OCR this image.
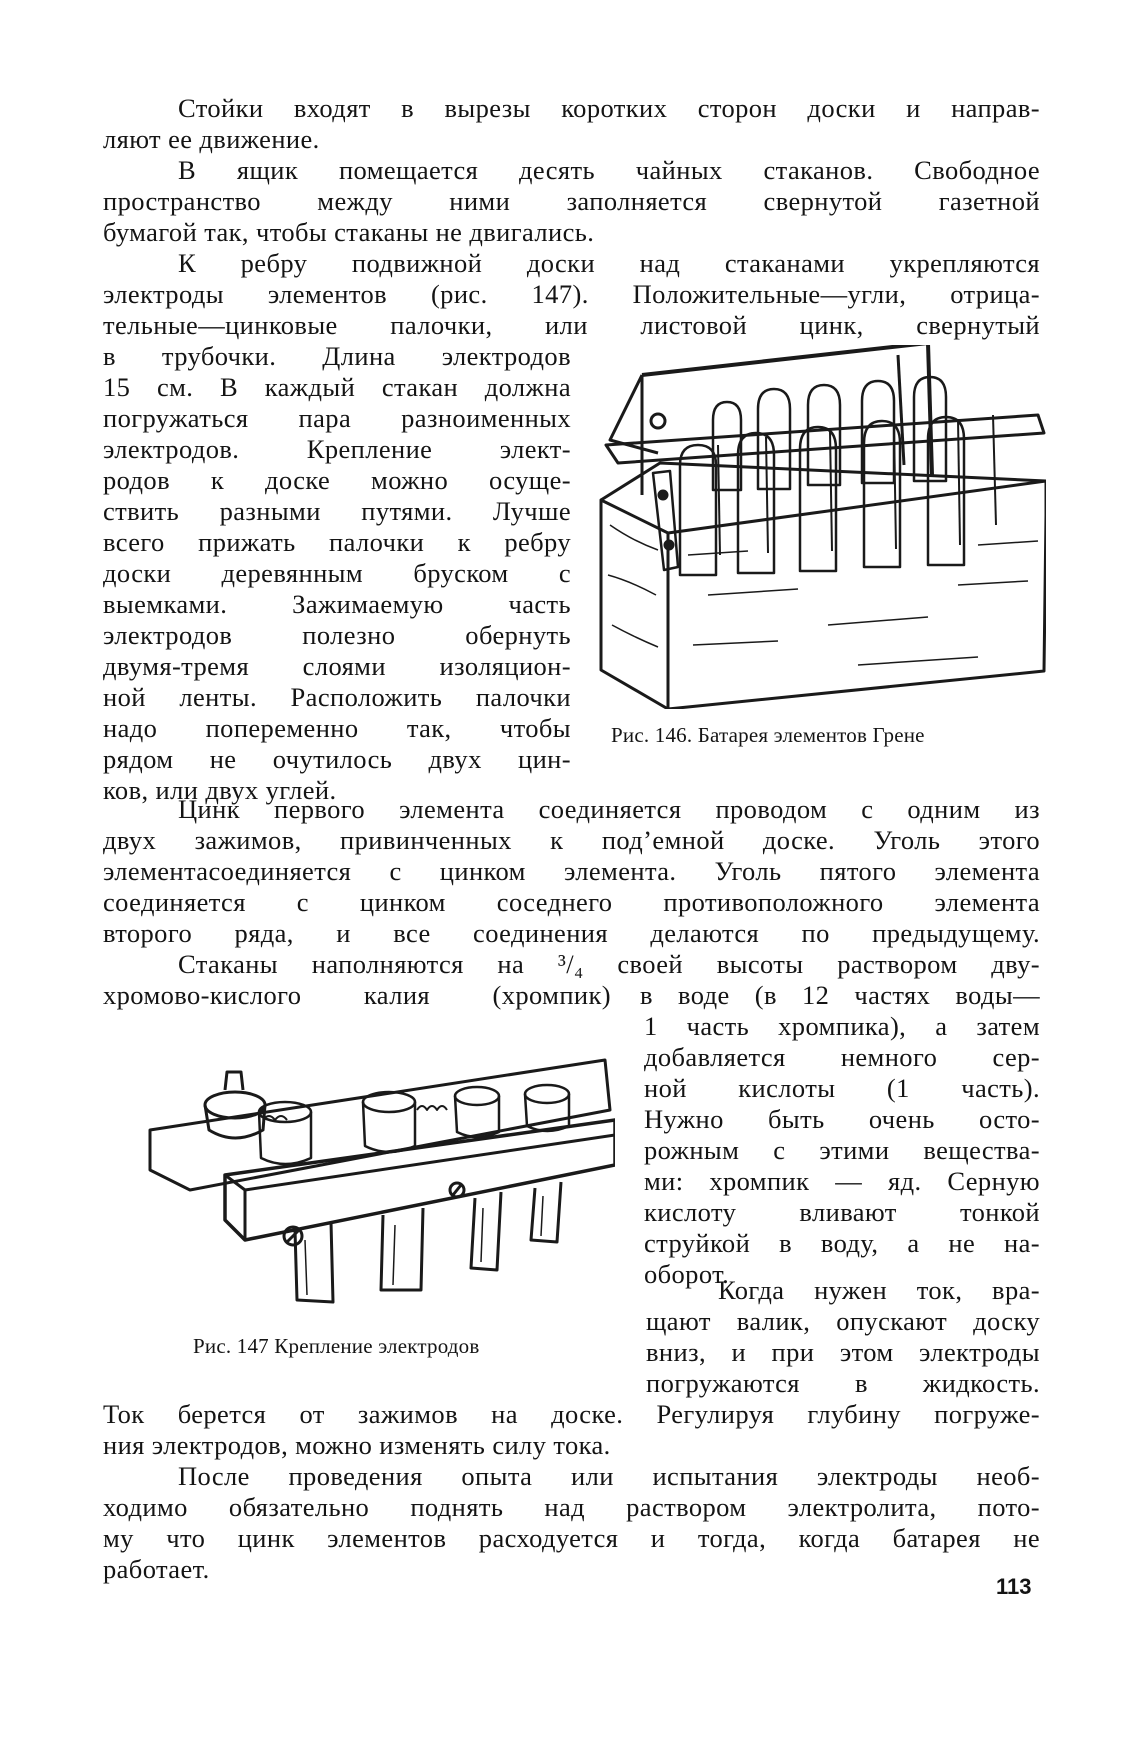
Стойки входят в вырезы коротких сторон доски и направ-
ляют ее движение.
В ящик помещается десять чайных стаканов. Свободное
пространство между ними заполняется свернутой газетной
бумагой так, чтобы стаканы не двигались.
К ребру подвижной доски над стаканами укрепляются
электроды элементов (рис. 147). Положительные—угли, отрица-
тельные—цинковые палочки, или листовой цинк, свернутый
в трубочки. Длина электродов
15 см. В каждый стакан должна
погружаться пара разноименных
электродов. Крепление элект-
родов к доске можно осуще-
ствить разными путями. Лучше
всего прижать палочки к ребру
доски деревянным бруском с
выемками. Зажимаемую часть
электродов полезно обернуть
двумя-тремя слоями изоляцион-
ной ленты. Расположить палочки
надо попеременно так, чтобы
рядом не очутилось двух цин-
ков, или двух углей.
Рис. 146. Батарея элементов Грене
Цинк первого элемента соединяется проводом с одним из
двух зажимов, привинченных к под’емной доске. Уголь этого
элементасоединяется с цинком элемента. Уголь пятого элемента
соединяется с цинком соседнего противоположного элемента
второго ряда, и все соединения делаются по предыдущему.
Стаканы наполняются на ³/₄ своей высоты раствором дву-
хромово-кислого калия (хромпик) в воде (в 12 частях воды—
1 часть хромпика), а затем
добавляется немного сер-
ной кислоты (1 часть).
Нужно быть очень осто-
рожным с этими вещества-
ми: хромпик — яд. Серную
кислоту вливают тонкой
струйкой в воду, а не на-
оборот.
Рис. 147 Крепление электродов
Когда нужен ток, вра-
щают валик, опускают доску
вниз, и при этом электроды
погружаются в жидкость.
Ток берется от зажимов на доске. Регулируя глубину погруже-
ния электродов, можно изменять силу тока.
После проведения опыта или испытания электроды необ-
ходимо обязательно поднять над раствором электролита, пото-
му что цинк элементов расходуется и тогда, когда батарея не
работает.
113
